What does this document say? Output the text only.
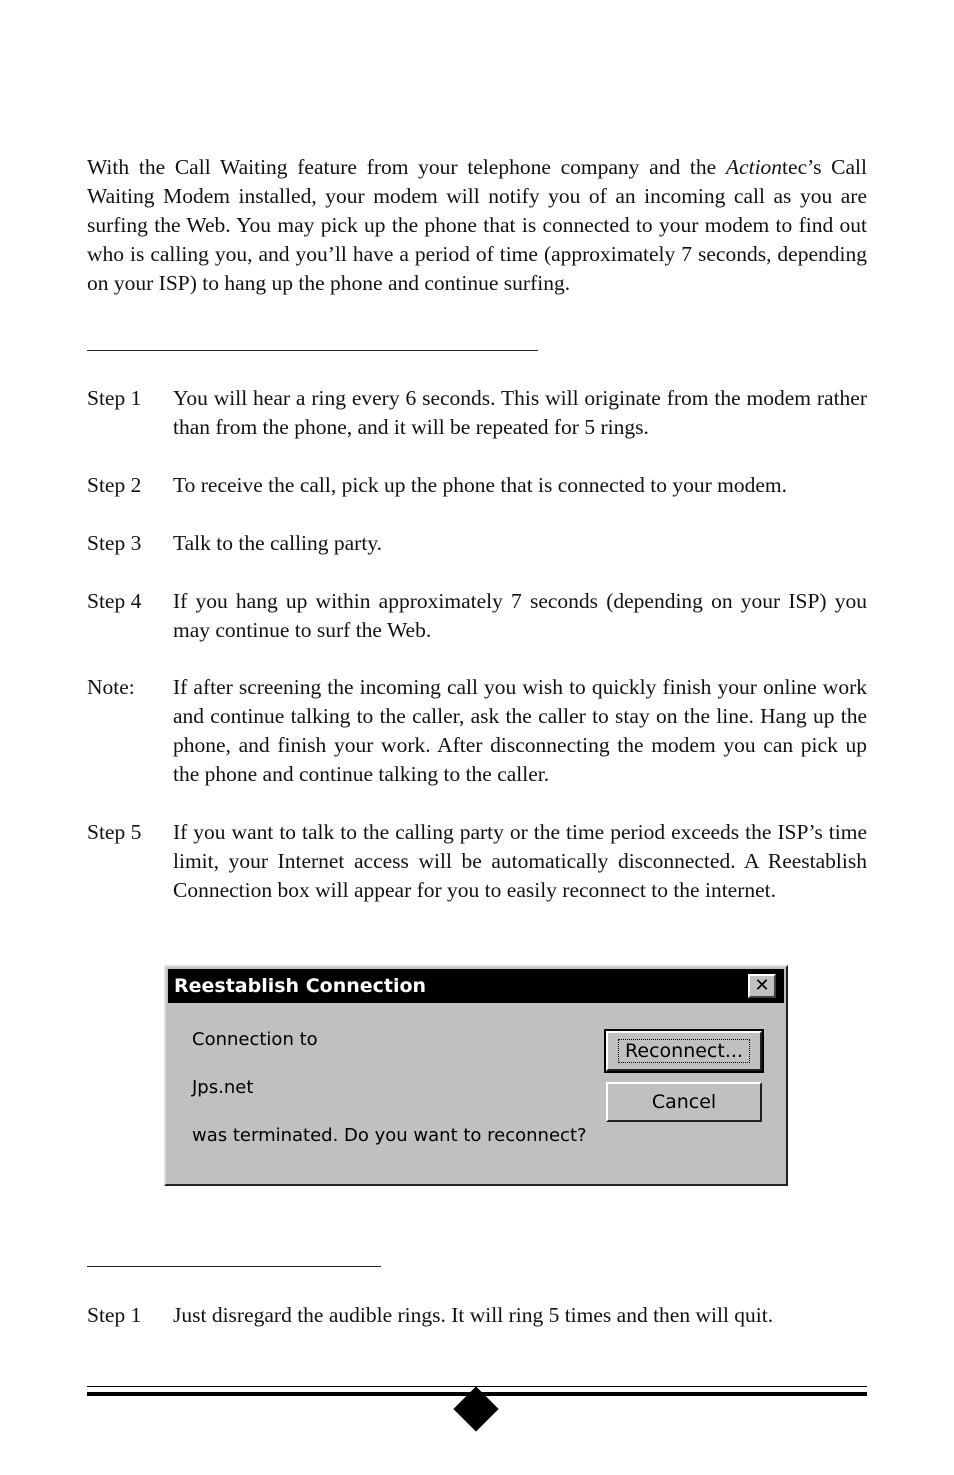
With the Call Waiting feature from your telephone company and the Actiontec’s Call Waiting Modem installed, your modem will notify you of an incoming call as you are surfing the Web. You may pick up the phone that is connected to your modem to find out who is calling you, and you’ll have a period of time (approximately 7 seconds, depending on your ISP) to hang up the phone and continue surfing.

Step 1	You will hear a ring every 6 seconds. This will originate from the modem rather than from the phone, and it will be repeated for 5 rings.
Step 2	To receive the call, pick up the phone that is connected to your modem.
Step 3	Talk to the calling party.
Step 4	If you hang up within approximately 7 seconds (depending on your ISP) you may continue to surf the Web.
Note:	If after screening the incoming call you wish to quickly finish your online work and continue talking to the caller, ask the caller to stay on the line. Hang up the phone, and finish your work. After disconnecting the modem you can pick up the phone and continue talking to the caller.
Step 5	If you want to talk to the calling party or the time period exceeds the ISP’s time limit, your Internet access will be automatically disconnected. A Reestablish Connection box will appear for you to easily reconnect to the internet.
Reestablish Connection	✕
Connection to
Jps.net
was terminated. Do you want to reconnect?
Reconnect...
Cancel
Step 1	Just disregard the audible rings. It will ring 5 times and then will quit.
